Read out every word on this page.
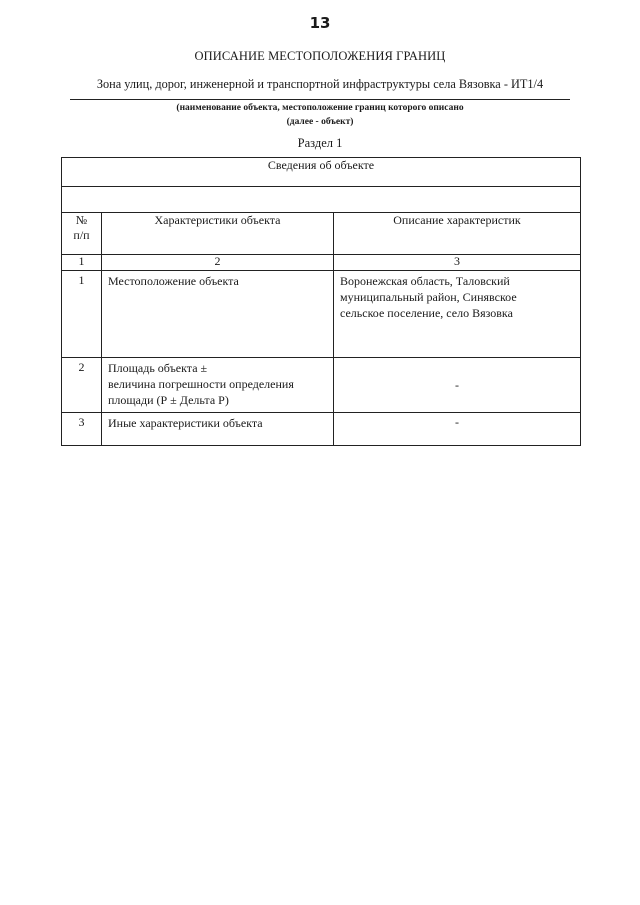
13
ОПИСАНИЕ МЕСТОПОЛОЖЕНИЯ ГРАНИЦ
Зона улиц, дорог, инженерной и транспортной инфраструктуры села Вязовка - ИТ1/4
(наименование объекта, местоположение границ которого описано
(далее - объект)
Раздел 1
Сведения об объекте		

№
п/п	Характеристики объекта	Описание характеристик
1	2	3
1	Местоположение объекта	Воронежская область, Таловский
муниципальный район, Синявское
сельское поселение, село Вязовка

2	Площадь объекта ±
величина погрешности определения
площади (Р ± Дельта Р)	-
3	Иные характеристики объекта	-
